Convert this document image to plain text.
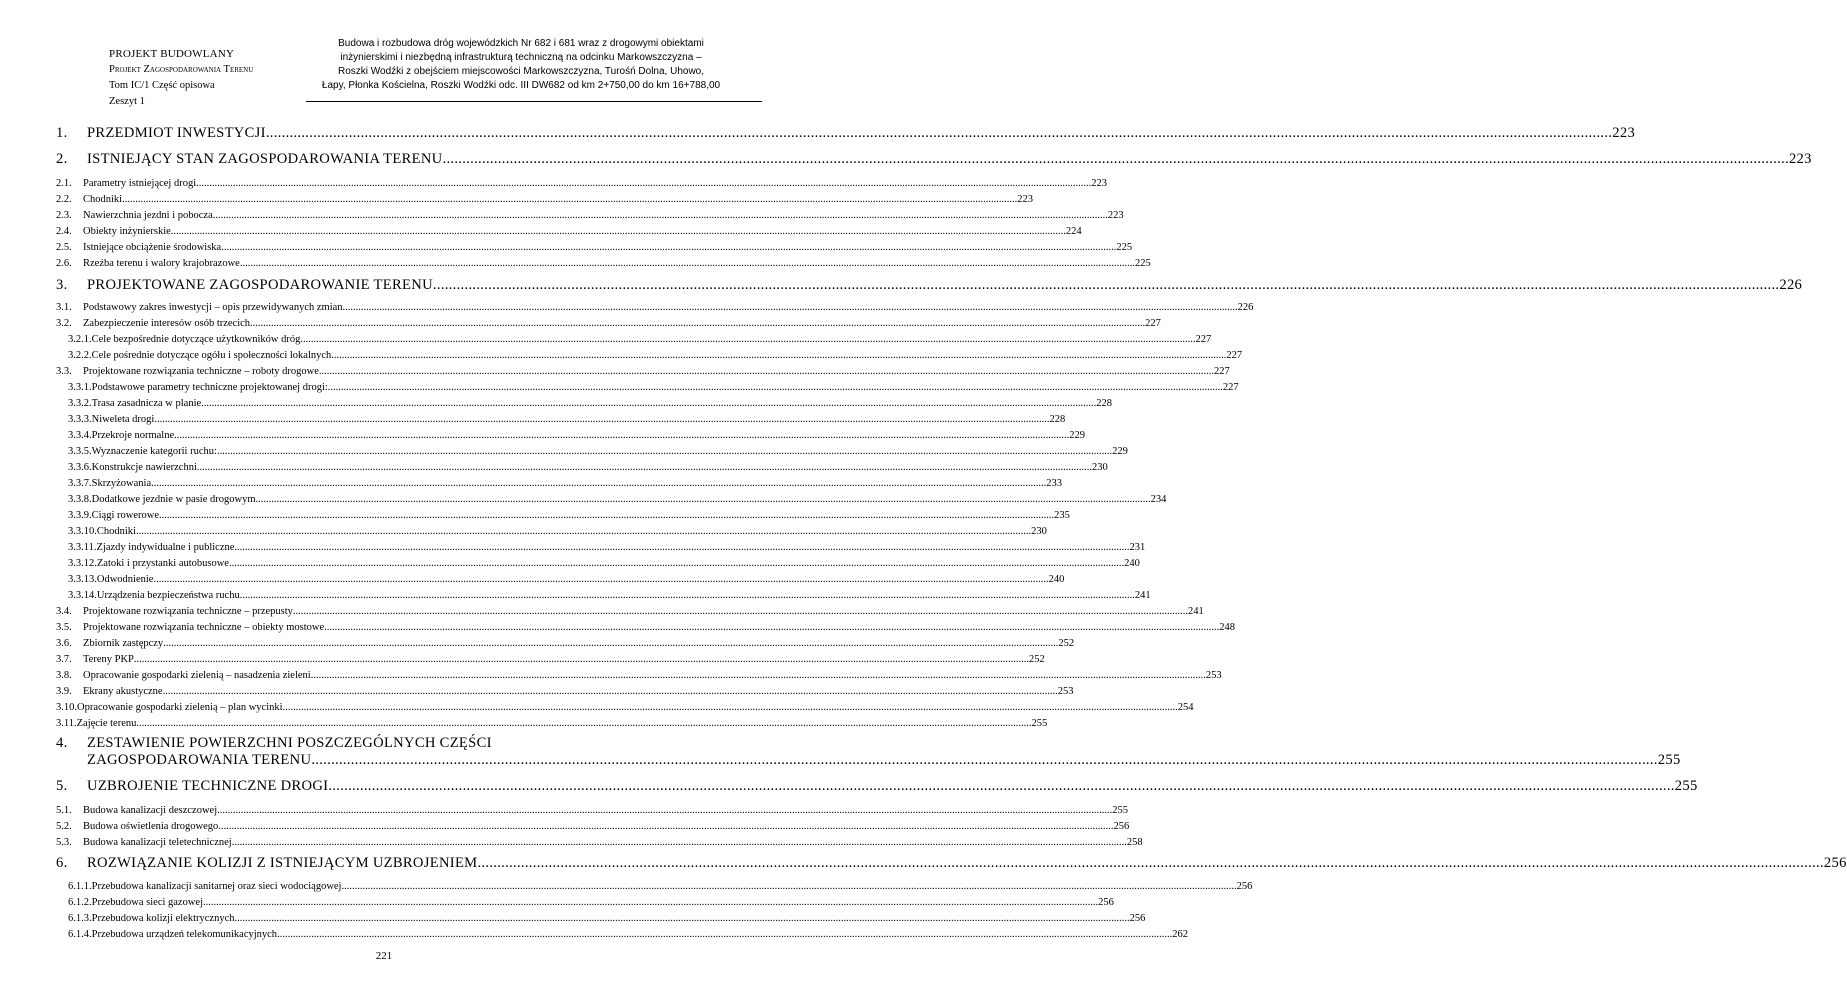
PROJEKT BUDOWLANY
Projekt Zagospodarowania Terenu
Tom IC/1 Część opisowa
Zeszyt 1
Budowa i rozbudowa dróg wojewódzkich Nr 682 i 681 wraz z drogowymi obiektami
inżynierskimi i niezbędną infrastrukturą techniczną na odcinku Markowszczyzna –
Roszki Wodźki z obejściem miejscowości Markowszczyzna, Turośń Dolna, Uhowo,
Łapy, Płonka Kościelna, Roszki Wodźki odc. III DW682 od km 2+750,00 do km 16+788,00
1. PRZEDMIOT INWESTYCJI .....	223
2. ISTNIEJĄCY STAN ZAGOSPODAROWANIA TERENU .....	223
2.1. Parametry istniejącej drogi .....	223
2.2. Chodniki .....	223
2.3. Nawierzchnia jezdni i pobocza .....	223
2.4. Obiekty inżynierskie .....	224
2.5. Istniejące obciążenie środowiska .....	225
2.6. Rzeźba terenu i walory krajobrazowe .....	225
3. PROJEKTOWANE ZAGOSPODAROWANIE TERENU .....	226
3.1. Podstawowy zakres inwestycji – opis przewidywanych zmian .....	226
3.2. Zabezpieczenie interesów osób trzecich .....	227
3.2.1.Cele bezpośrednie dotyczące użytkowników dróg .....	227
3.2.2.Cele pośrednie dotyczące ogółu i społeczności lokalnych .....	227
3.3. Projektowane rozwiązania techniczne – roboty drogowe .....	227
3.3.1.Podstawowe parametry techniczne projektowanej drogi: .....	227
3.3.2.Trasa zasadnicza w planie .....	228
3.3.3.Niweleta drogi .....	228
3.3.4.Przekroje normalne .....	229
3.3.5.Wyznaczenie kategorii ruchu: .....	229
3.3.6.Konstrukcje nawierzchni .....	230
3.3.7.Skrzyżowania .....	233
3.3.8.Dodatkowe jezdnie w pasie drogowym .....	234
3.3.9.Ciągi rowerowe .....	235
3.3.10.Chodniki .....	230
3.3.11.Zjazdy indywidualne i publiczne .....	231
3.3.12.Zatoki i przystanki autobusowe .....	240
3.3.13.Odwodnienie .....	240
3.3.14.Urządzenia bezpieczeństwa ruchu .....	241
3.4. Projektowane rozwiązania techniczne – przepusty .....	241
3.5. Projektowane rozwiązania techniczne – obiekty mostowe .....	248
3.6. Zbiornik zastępczy .....	252
3.7. Tereny PKP .....	252
3.8. Opracowanie gospodarki zielenią – nasadzenia zieleni .....	253
3.9. Ekrany akustyczne .....	253
3.10.Opracowanie gospodarki zielenią – plan wycinki .....	254
3.11.Zajęcie terenu .....	255
4. ZESTAWIENIE POWIERZCHNI POSZCZEGÓLNYCH CZĘŚCI
ZAGOSPODAROWANIA TERENU .....	255
5. UZBROJENIE TECHNICZNE DROGI .....	255
5.1. Budowa kanalizacji deszczowej .....	255
5.2. Budowa oświetlenia drogowego .....	256
5.3. Budowa kanalizacji teletechnicznej .....	258
6. ROZWIĄZANIE KOLIZJI Z ISTNIEJĄCYM UZBROJENIEM .....	256
6.1.1.Przebudowa kanalizacji sanitarnej oraz sieci wodociągowej .....	256
6.1.2.Przebudowa sieci gazowej .....	256
6.1.3.Przebudowa kolizji elektrycznych .....	256
6.1.4.Przebudowa urządzeń telekomunikacyjnych .....	262
221
